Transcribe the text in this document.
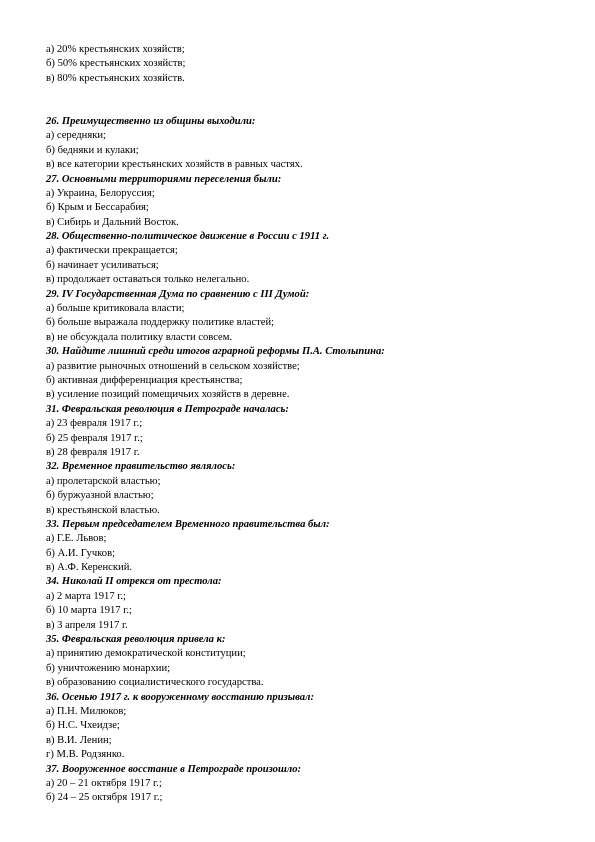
а) 20% крестьянских хозяйств;
б) 50% крестьянских хозяйств;
в) 80% крестьянских хозяйств.
26. Преимущественно из общины выходили:
а) середняки;
б) бедняки и кулаки;
в) все категории крестьянских хозяйств в равных частях.
27. Основными территориями переселения были:
а) Украина, Белоруссия;
б) Крым и Бессарабия;
в) Сибирь и Дальний Восток.
28. Общественно-политическое движение в России с 1911 г.
а) фактически прекращается;
б) начинает усиливаться;
в) продолжает оставаться только нелегально.
29. IV Государственная Дума по сравнению с III Думой:
а) больше критиковала власти;
б) больше выражала поддержку политике властей;
в) не обсуждала политику власти совсем.
30. Найдите лишний среди итогов аграрной реформы П.А. Столыпина:
а) развитие рыночных отношений в сельском хозяйстве;
б) активная дифференциация крестьянства;
в) усиление позиций помещичьих хозяйств в деревне.
31. Февральская революция в Петрограде началась:
а) 23 февраля 1917 г.;
б) 25 февраля 1917 г.;
в) 28 февраля 1917 г.
32. Временное правительство являлось:
а) пролетарской властью;
б) буржуазной властью;
в) крестьянской властью.
33. Первым председателем Временного правительства был:
а) Г.Е. Львов;
б) А.И. Гучков;
в) А.Ф. Керенский.
34. Николай II отрекся от престола:
а) 2 марта 1917 г.;
б) 10 марта 1917 г.;
в) 3 апреля 1917 г.
35. Февральская революция привела к:
а) принятию демократической конституции;
б) уничтожению монархии;
в) образованию социалистического государства.
36. Осенью 1917 г. к вооруженному восстанию призывал:
а) П.Н. Милюков;
б) Н.С. Чхеидзе;
в) В.И. Ленин;
г) М.В. Родзянко.
37. Вооруженное восстание в Петрограде произошло:
а) 20 – 21 октября 1917 г.;
б) 24 – 25 октября 1917 г.;
